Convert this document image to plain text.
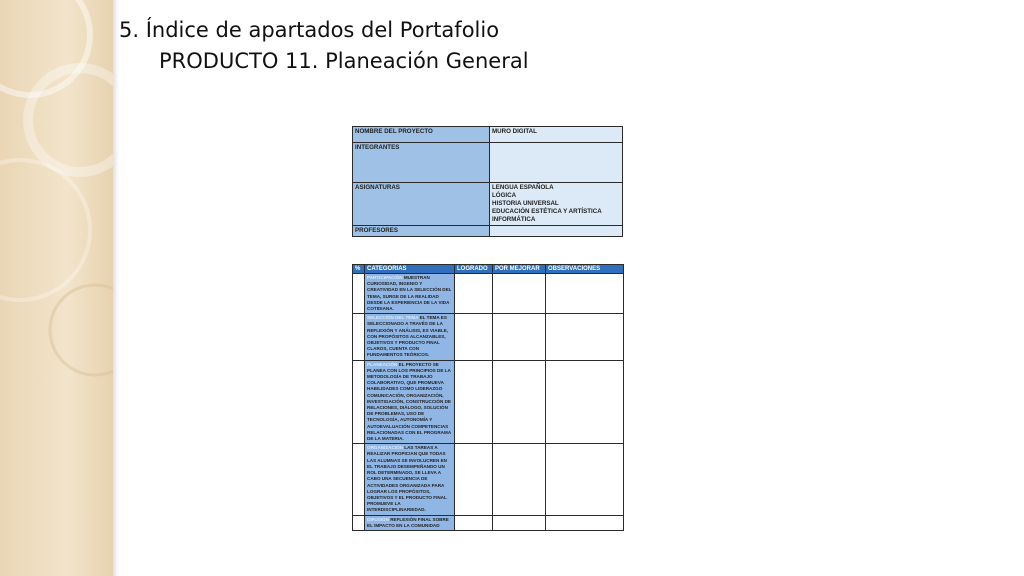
5. Índice de apartados del Portafolio
PRODUCTO 11. Planeación General
NOMBRE DEL PROYECTO	MURO DIGITAL
INTEGRANTES	
ASIGNATURAS	LENGUA ESPAÑOLA
LÓGICA
HISTORIA UNIVERSAL
EDUCACIÓN ESTÉTICA Y ARTÍSTICA
INFORMÁTICA

PROFESORES	
%	CATEGORIAS	LOGRADO	POR MEJORAR	OBSERVACIONES
	PARTICIPACIÓN MUESTRAN CURIOSIDAD, INGENIO Y CREATIVIDAD EN LA SELECCIÓN DEL TEMA, SURGE DE LA REALIDAD DESDE LA EXPERIENCIA DE LA VIDA COTIDIANA.			
	SELECCIÓN DEL TEMA EL TEMA ES SELECCIONADO A TRAVÉS DE LA REFLEXIÓN Y ANÁLISIS, ES VIABLE, CON PROPÓSITOS ALCANZABLES, OBJETIVOS Y PRODUCTO FINAL CLAROS, CUENTA CON FUNDAMENTOS TEÓRICOS.			
	PLANEACIÓN EL PROYECTO SE PLANEA CON LOS PRINCIPIOS DE LA METODOLOGÍA DE TRABAJO COLABORATIVO, QUE PROMUEVA HABILIDADES COMO LIDERAZGO COMUNICACIÓN, ORGANIZACIÓN, INVESTIGACIÓN, CONSTRUCCIÓN DE RELACIONES, DIÁLOGO, SOLUCIÓN DE PROBLEMAS, USO DE TECNOLOGÍA, AUTONOMÍA Y AUTOEVALUACIÓN COMPETENCIAS RELACIONADAS CON EL PROGRAMA DE LA MATERIA.			
	ORGANIZACIÓN LAS TAREAS A REALIZAR PROPICIAN QUE TODAS LAS ALUMNAS SE INVOLUCREN EN EL TRABAJO DESEMPEÑANDO UN ROL DETERMINADO, SE LLEVA A CABO UNA SECUENCIA DE ACTIVIDADES ORGANIZADA PARA LOGRAR LOS PROPÓSITOS, OBJETIVOS Y EL PRODUCTO FINAL PROMUEVE LA INTERDISCIPLINARIEDAD.			
	DIFUSIÓN REFLEXIÓN FINAL SOBRE EL IMPACTO EN LA COMUNIDAD			
